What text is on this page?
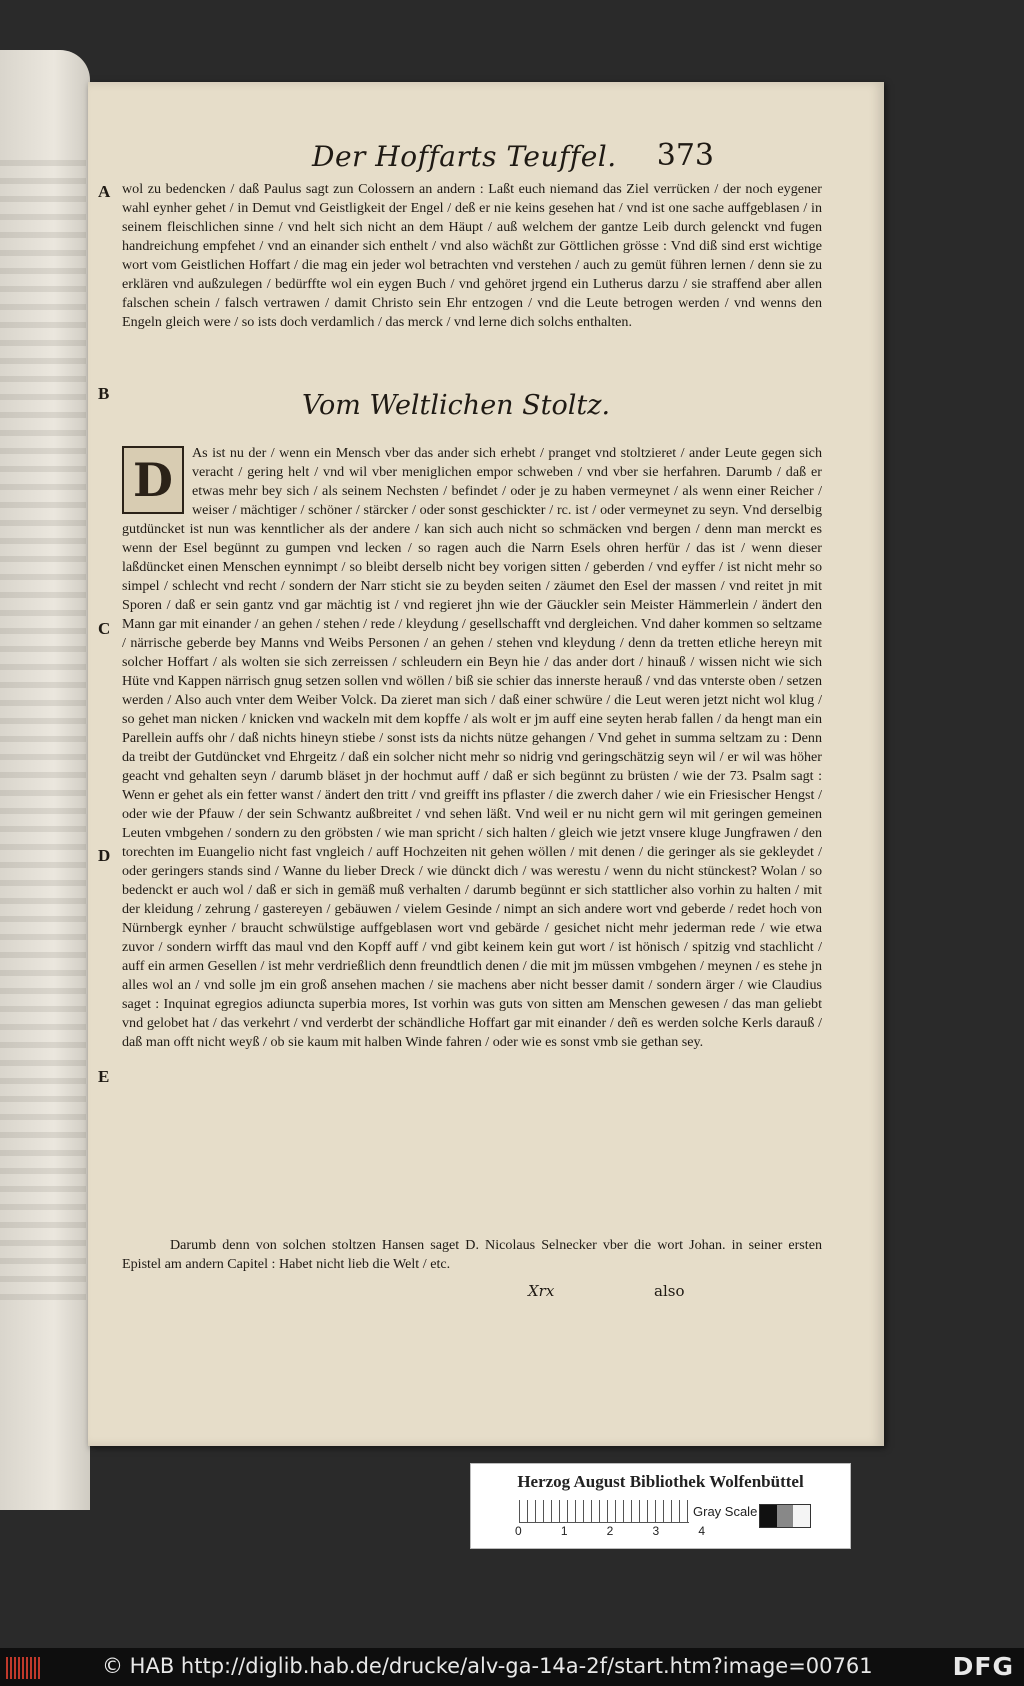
Der Hoffarts Teuffel. 373
A
B
C
D
E
wol zu bedencken / daß Paulus sagt zun Colossern an andern : Laßt euch niemand das Ziel verrücken / der noch eygener wahl eynher gehet / in Demut vnd Geistligkeit der Engel / deß er nie keins gesehen hat / vnd ist one sache auffgeblasen / in seinem fleischlichen sinne / vnd helt sich nicht an dem Häupt / auß welchem der gantze Leib durch gelenckt vnd fugen handreichung empfehet / vnd an einander sich enthelt / vnd also wächßt zur Göttlichen grösse : Vnd diß sind erst wichtige wort vom Geistlichen Hoffart / die mag ein jeder wol betrachten vnd verstehen / auch zu gemüt führen lernen / denn sie zu erklären vnd außzulegen / bedürffte wol ein eygen Buch / vnd gehöret jrgend ein Lutherus darzu / sie straffend aber allen falschen schein / falsch vertrawen / damit Christo sein Ehr entzogen / vnd die Leute betrogen werden / vnd wenns den Engeln gleich were / so ists doch verdamlich / das merck / vnd lerne dich solchs enthalten.
Vom Weltlichen Stoltz.
D	As ist nu der / wenn ein Mensch vber das ander sich erhebt / pranget vnd stoltzieret / ander Leute gegen sich veracht / gering helt / vnd wil vber meniglichen empor schweben / vnd vber sie herfahren. Darumb / daß er etwas mehr bey sich / als seinem Nechsten / befindet / oder je zu haben vermeynet / als wenn einer Reicher / weiser / mächtiger / schöner / stärcker / oder sonst geschickter / rc. ist / oder vermeynet zu seyn. Vnd derselbig gutdüncket ist nun was kenntlicher als der andere / kan sich auch nicht so schmäcken vnd bergen / denn man merckt es wenn der Esel begünnt zu gumpen vnd lecken / so ragen auch die Narrn Esels ohren herfür / das ist / wenn dieser laßdüncket einen Menschen eynnimpt / so bleibt derselb nicht bey vorigen sitten / geberden / vnd eyffer / ist nicht mehr so simpel / schlecht vnd recht / sondern der Narr sticht sie zu beyden seiten / zäumet den Esel der massen / vnd reitet jn mit Sporen / daß er sein gantz vnd gar mächtig ist / vnd regieret jhn wie der Gäuckler sein Meister Hämmerlein / ändert den Mann gar mit einander / an gehen / stehen / rede / kleydung / gesellschafft vnd dergleichen. Vnd daher kommen so seltzame / närrische geberde bey Manns vnd Weibs Personen / an gehen / stehen vnd kleydung / denn da tretten etliche hereyn mit solcher Hoffart / als wolten sie sich zerreissen / schleudern ein Beyn hie / das ander dort / hinauß / wissen nicht wie sich Hüte vnd Kappen närrisch gnug setzen sollen vnd wöllen / biß sie schier das innerste herauß / vnd das vnterste oben / setzen werden / Also auch vnter dem Weiber Volck. Da zieret man sich / daß einer schwüre / die Leut weren jetzt nicht wol klug / so gehet man nicken / knicken vnd wackeln mit dem kopffe / als wolt er jm auff eine seyten herab fallen / da hengt man ein Parellein auffs ohr / daß nichts hineyn stiebe / sonst ists da nichts nütze gehangen / Vnd gehet in summa seltzam zu : Denn da treibt der Gutdüncket vnd Ehrgeitz / daß ein solcher nicht mehr so nidrig vnd geringschätzig seyn wil / er wil was höher geacht vnd gehalten seyn / darumb bläset jn der hochmut auff / daß er sich begünnt zu brüsten / wie der 73. Psalm sagt : Wenn er gehet als ein fetter wanst / ändert den tritt / vnd greifft ins pflaster / die zwerch daher / wie ein Friesischer Hengst / oder wie der Pfauw / der sein Schwantz außbreitet / vnd sehen läßt. Vnd weil er nu nicht gern wil mit geringen gemeinen Leuten vmbgehen / sondern zu den gröbsten / wie man spricht / sich halten / gleich wie jetzt vnsere kluge Jungfrawen / den torechten im Euangelio nicht fast vngleich / auff Hochzeiten nit gehen wöllen / mit denen / die geringer als sie gekleydet / oder geringers stands sind / Wanne du lieber Dreck / wie dünckt dich / was werestu / wenn du nicht stünckest? Wolan / so bedenckt er auch wol / daß er sich in gemäß muß verhalten / darumb begünnt er sich stattlicher also vorhin zu halten / mit der kleidung / zehrung / gastereyen / gebäuwen / vielem Gesinde / nimpt an sich andere wort vnd geberde / redet hoch von Nürnbergk eynher / braucht schwülstige auffgeblasen wort vnd gebärde / gesichet nicht mehr jederman rede / wie etwa zuvor / sondern wirfft das maul vnd den Kopff auff / vnd gibt keinem kein gut wort / ist hönisch / spitzig vnd stachlicht / auff ein armen Gesellen / ist mehr verdrießlich denn freundtlich denen / die mit jm müssen vmbgehen / meynen / es stehe jn alles wol an / vnd solle jm ein groß ansehen machen / sie machens aber nicht besser damit / sondern ärger / wie Claudius saget : Inquinat egregios adiuncta superbia mores, Ist vorhin was guts von sitten am Menschen gewesen / das man geliebt vnd gelobet hat / das verkehrt / vnd verderbt der schändliche Hoffart gar mit einander / deñ es werden solche Kerls darauß / daß man offt nicht weyß / ob sie kaum mit halben Winde fahren / oder wie es sonst vmb sie gethan sey.
Darumb denn von solchen stoltzen Hansen saget D. Nicolaus Selnecker vber die wort Johan. in seiner ersten Epistel am andern Capitel : Habet nicht lieb die Welt / etc.
Xrx	also
Herzog August Bibliothek Wolfenbüttel
0	1	2	3	4
Gray Scale
© HAB http://diglib.hab.de/drucke/alv-ga-14a-2f/start.htm?image=00761	DFG
